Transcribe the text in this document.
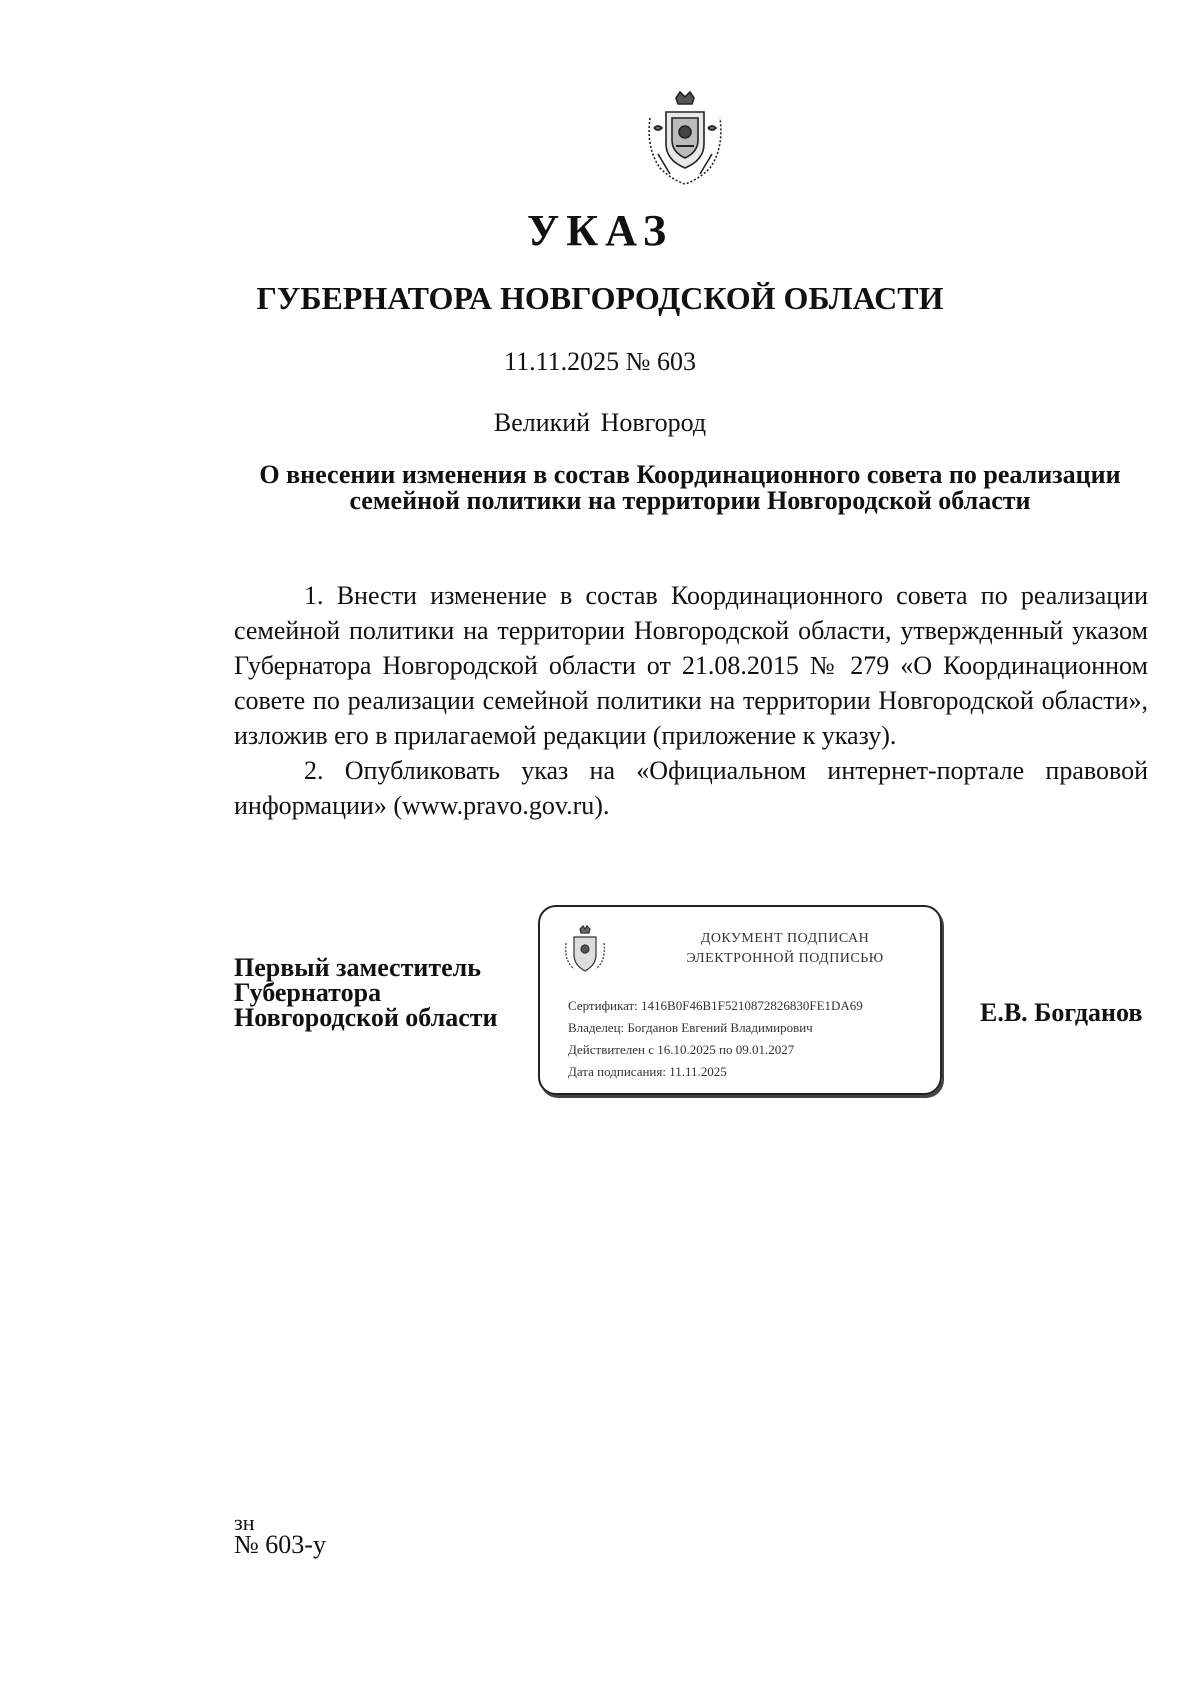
УКАЗ
ГУБЕРНАТОРА НОВГОРОДСКОЙ ОБЛАСТИ
11.11.2025 № 603
Великий Новгород
О внесении изменения в состав Координационного совета по реализации
семейной политики на территории Новгородской области

1. Внести изменение в состав Координационного совета по реализации семейной политики на территории Новгородской области, утвержденный указом Губернатора Новгородской области от 21.08.2015 № 279 «О Координационном совете по реализации семейной политики на территории Новгородской области», изложив его в прилагаемой редакции (приложение к указу).

2. Опубликовать указ на «Официальном интернет-портале правовой информации» (www.pravo.gov.ru).

Первый заместитель
Губернатора
Новгородской области
ДОКУМЕНТ ПОДПИСАН
ЭЛЕКТРОННОЙ ПОДПИСЬЮ
Сертификат: 1416B0F46B1F5210872826830FE1DA69
Владелец: Богданов Евгений Владимирович
Действителен с 16.10.2025 по 09.01.2027
Дата подписания: 11.11.2025
Е.В. Богданов
зн
№ 603-у
